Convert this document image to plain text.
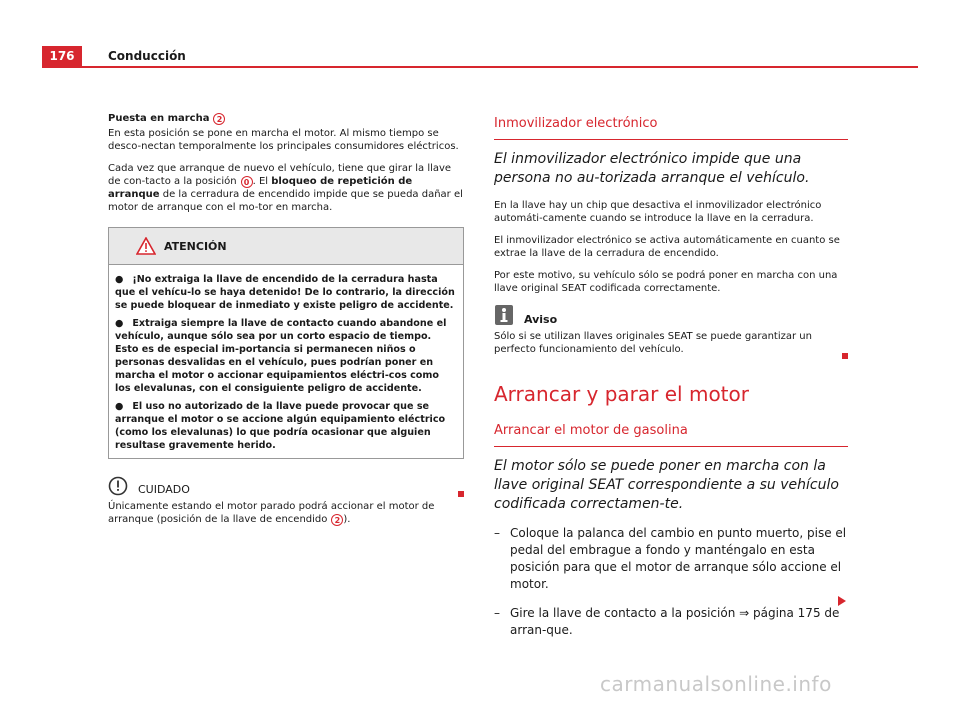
176	Conducción

Puesta en marcha 2

En esta posición se pone en marcha el motor. Al mismo tiempo se desco-nectan temporalmente los principales consumidores eléctricos.

Cada vez que arranque de nuevo el vehículo, tiene que girar la llave de con-tacto a la posición 0 . El bloqueo de repetición de arranque de la cerradura de encendido impide que se pueda dañar el motor de arranque con el mo-tor en marcha.

ATENCIÓN

● ¡No extraiga la llave de encendido de la cerradura hasta que el vehícu-lo se haya detenido! De lo contrario, la dirección se puede bloquear de inmediato y existe peligro de accidente.

● Extraiga siempre la llave de contacto cuando abandone el vehículo, aunque sólo sea por un corto espacio de tiempo. Esto es de especial im-portancia si permanecen niños o personas desvalidas en el vehículo, pues podrían poner en marcha el motor o accionar equipamientos eléctri-cos como los elevalunas, con el consiguiente peligro de accidente.

● El uso no autorizado de la llave puede provocar que se arranque el motor o se accione algún equipamiento eléctrico (como los elevalunas) lo que podría ocasionar que alguien resultase gravemente herido.

CUIDADO

Únicamente estando el motor parado podrá accionar el motor de arranque (posición de la llave de encendido 2 ).

Inmovilizador electrónico
El inmovilizador electrónico impide que una persona no au-torizada arranque el vehículo.

En la llave hay un chip que desactiva el inmovilizador electrónico automáti-camente cuando se introduce la llave en la cerradura.

El inmovilizador electrónico se activa automáticamente en cuanto se extrae la llave de la cerradura de encendido.

Por este motivo, su vehículo sólo se podrá poner en marcha con una llave original SEAT codificada correctamente.

Aviso

Sólo si se utilizan llaves originales SEAT se puede garantizar un perfecto funcionamiento del vehículo.

Arrancar y parar el motor
Arrancar el motor de gasolina
El motor sólo se puede poner en marcha con la llave original SEAT correspondiente a su vehículo codificada correctamen-te.
– Coloque la palanca del cambio en punto muerto, pise el pedal del embrague a fondo y manténgalo en esta posición para que el motor de arranque sólo accione el motor.
– Gire la llave de contacto a la posición ⇒ página 175 de arran-que.
carmanualsonline.info
